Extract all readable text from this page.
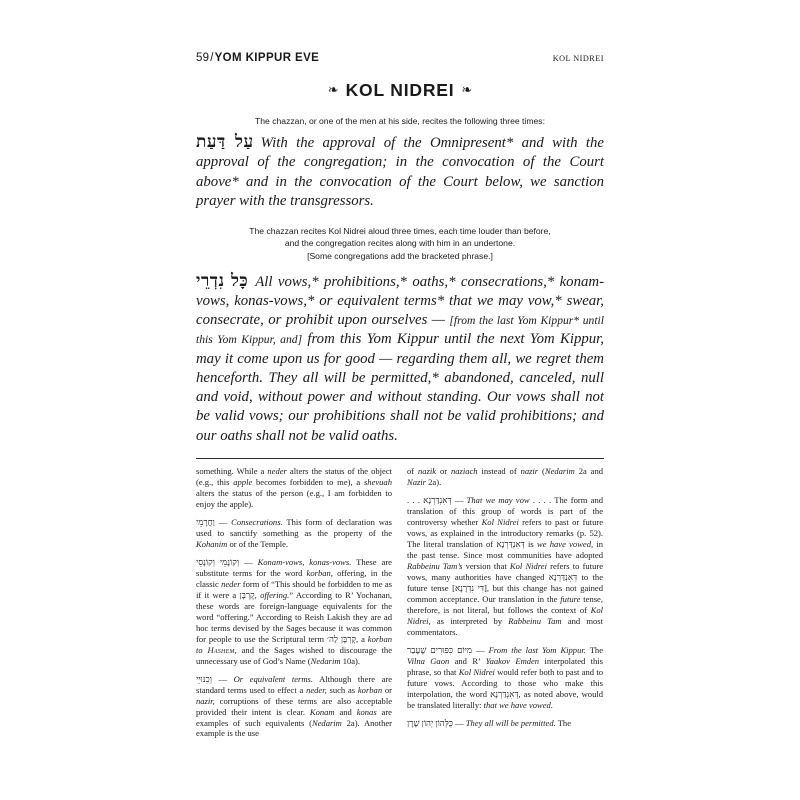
59/YOM KIPPUR EVE	KOL NIDREI
❧ KOL NIDREI ❧
The chazzan, or one of the men at his side, recites the following three times:
עַל דַּעַת With the approval of the Omnipresent* and with the approval of the congregation; in the convocation of the Court above* and in the convocation of the Court below, we sanction prayer with the transgressors.
The chazzan recites Kol Nidrei aloud three times, each time louder than before,
and the congregation recites along with him in an undertone.
[Some congregations add the bracketed phrase.]
כָּל נִדְרֵי All vows,* prohibitions,* oaths,* consecrations,* konam-vows, konas-vows,* or equivalent terms* that we may vow,* swear, consecrate, or prohibit upon ourselves — [from the last Yom Kippur* until this Yom Kippur, and] from this Yom Kippur until the next Yom Kippur, may it come upon us for good — regarding them all, we regret them henceforth. They all will be permitted,* abandoned, canceled, null and void, without power and without standing. Our vows shall not be valid vows; our prohibitions shall not be valid prohibitions; and our oaths shall not be valid oaths.

something. While a neder alters the status of the object (e.g., this apple becomes forbidden to me), a shevuah alters the status of the person (e.g., I am forbidden to enjoy the apple).

וַחֲרָמֵי — Consecrations. This form of declaration was used to sanctify something as the property of the Kohanim or of the Temple.

וְקוֹנָמֵי וְקוֹנָסֵי — Konam-vows, konas-vows. These are substitute terms for the word korban, offering, in the classic neder form of “This should be forbidden to me as if it were a קָרְבָּן, offering.” According to R’ Yochanan, these words are foreign-language equivalents for the word “offering.” According to Reish Lakish they are ad hoc terms devised by the Sages because it was common for people to use the Scriptural term קָרְבָּן לַה׳, a korban to Hashem, and the Sages wished to discourage the unnecessary use of God’s Name (Nedarim 10a).

וְכִנּוּיֵי — Or equivalent terms. Although there are standard terms used to effect a neder, such as korban or nazir, corruptions of these terms are also acceptable provided their intent is clear. Konam and konas are examples of such equivalents (Nedarim 2a). Another example is the use

of nazik or naziach instead of nazir (Nedarim 2a and Nazir 2a).

. . . דְּאִנְדַּרְנָא — That we may vow . . . . The form and translation of this group of words is part of the controversy whether Kol Nidrei refers to past or future vows, as explained in the introductory remarks (p. 52). The literal translation of דְּאִנְדַּרְנָא is we have vowed, in the past tense. Since most communities have adopted Rabbeinu Tam’s version that Kol Nidrei refers to future vows, many authorities have changed דְּאִנְדַּרְנָא to the future tense [דִּי נִדְרָנָא], but this change has not gained common acceptance. Our translation in the future tense, therefore, is not literal, but follows the context of Kol Nidrei, as interpreted by Rabbeinu Tam and most commentators.

מִיּוֹם כִּפּוּרִים שֶׁעָבַר — From the last Yom Kippur. The Vilna Gaon and R’ Yaakov Emden interpolated this phrase, so that Kol Nidrei would refer both to past and to future vows. According to those who make this interpolation, the word דְּאִנְדַּרְנָא, as noted above, would be translated literally: that we have vowed.

כֻּלְּהוֹן יְהוֹן שָׁרָן — They all will be permitted. The
